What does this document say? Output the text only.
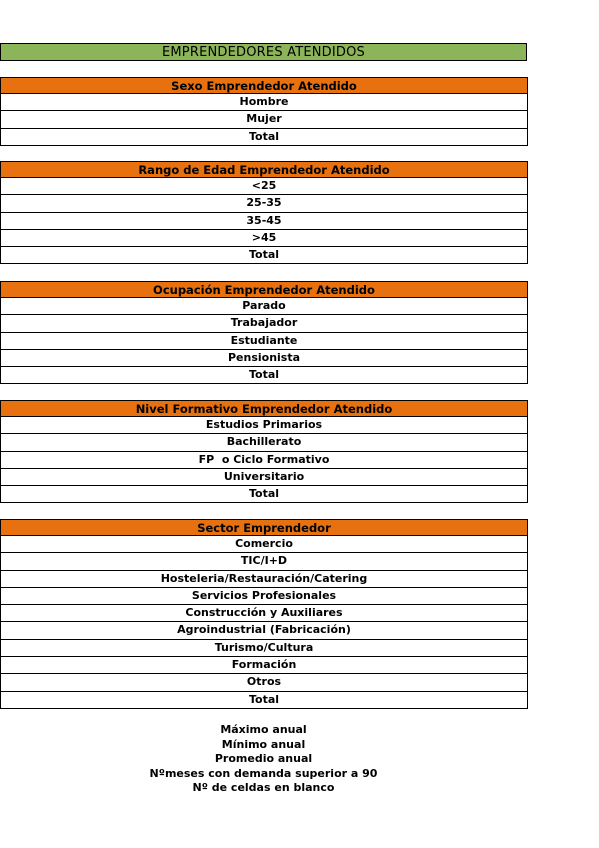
EMPRENDEDORES ATENDIDOS
Sexo Emprendedor Atendido
Hombre
Mujer
Total
Rango de Edad Emprendedor Atendido
<25
25-35
35-45
>45
Total
Ocupación Emprendedor Atendido
Parado
Trabajador
Estudiante
Pensionista
Total
Nivel Formativo Emprendedor Atendido
Estudios Primarios
Bachillerato
FP  o Ciclo Formativo
Universitario
Total
Sector Emprendedor
Comercio
TIC/I+D
Hosteleria/Restauración/Catering
Servicios Profesionales
Construcción y Auxiliares
Agroindustrial (Fabricación)
Turismo/Cultura
Formación
Otros
Total
Máximo anual
Mínimo anual
Promedio anual
Nºmeses con demanda superior a 90
Nº de celdas en blanco
